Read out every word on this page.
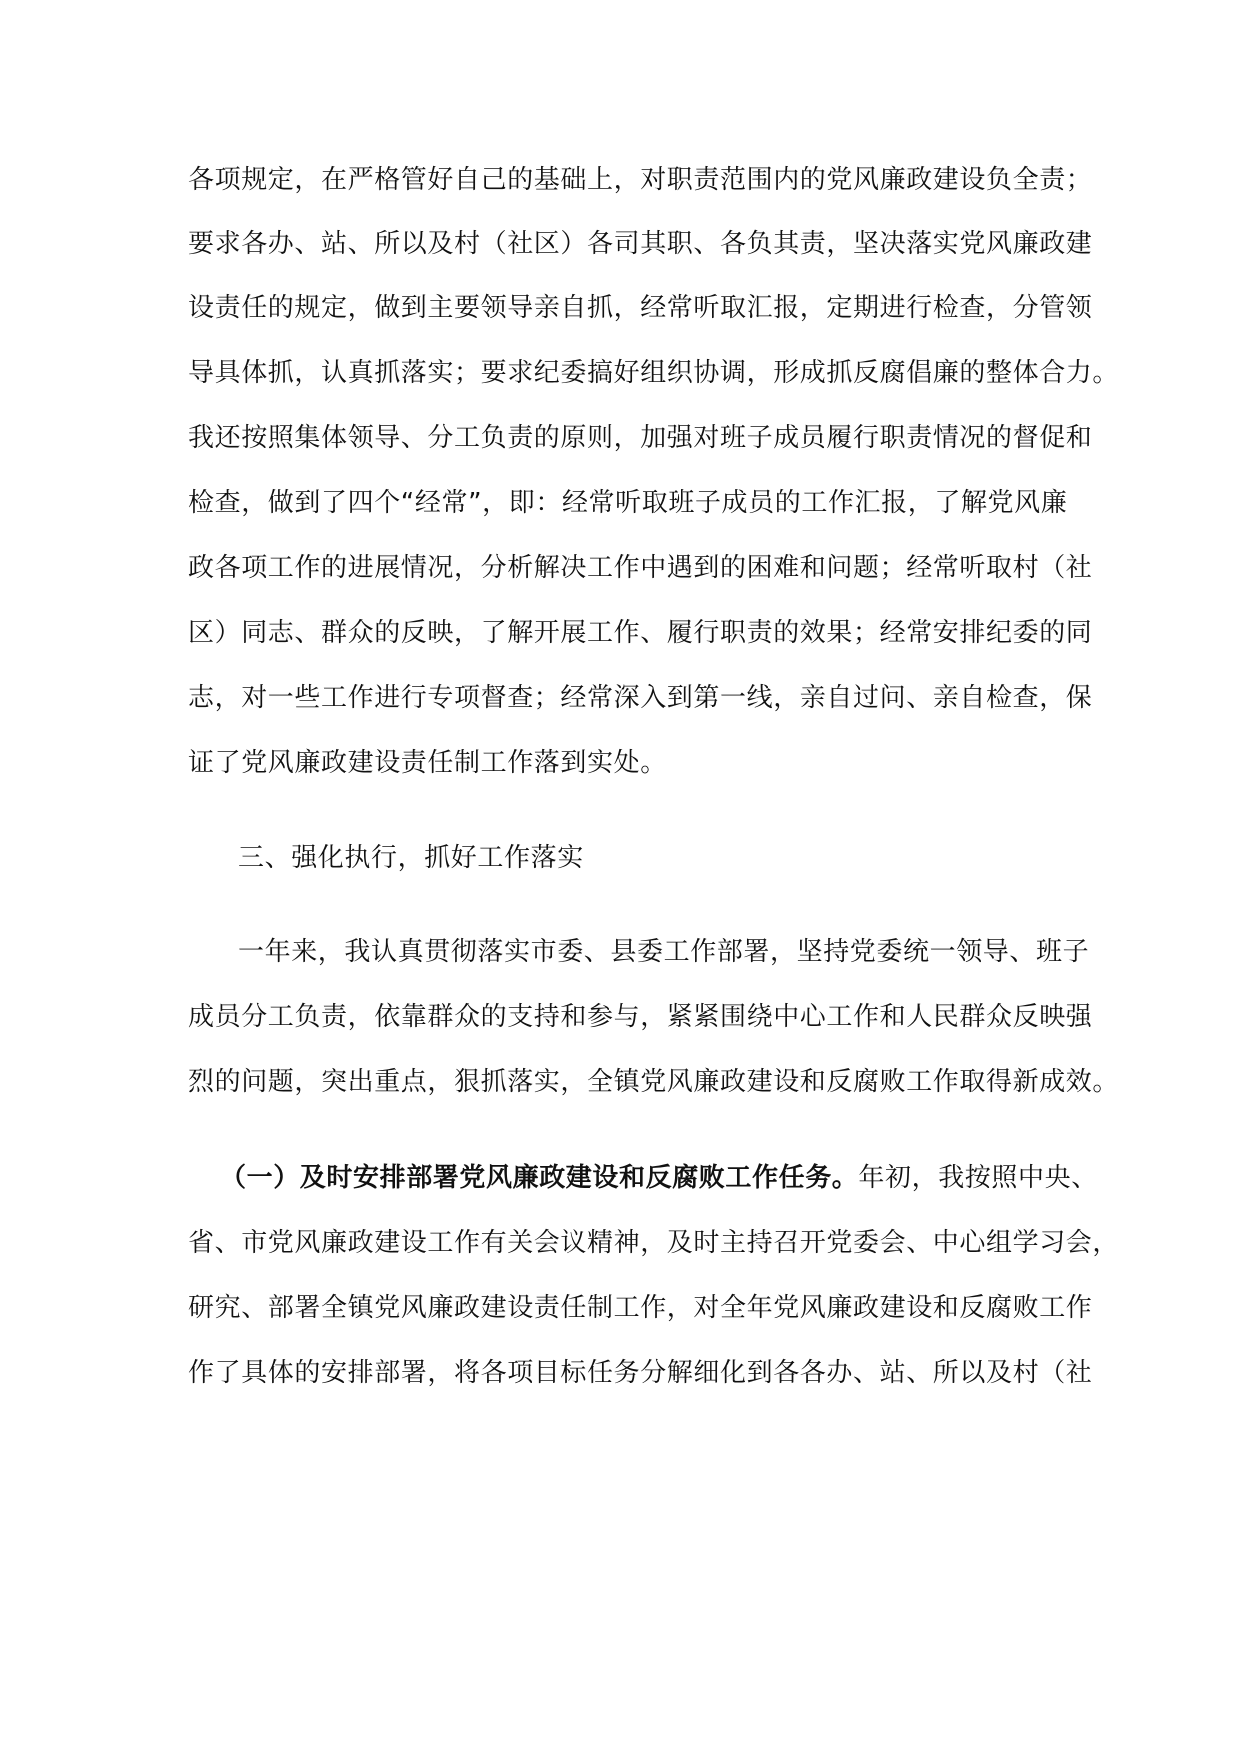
各项规定，在严格管好自己的基础上，对职责范围内的党风廉政建设负全责；
要求各办、站、所以及村（社区）各司其职、各负其责，坚决落实党风廉政建
设责任的规定，做到主要领导亲自抓，经常听取汇报，定期进行检查，分管领
导具体抓，认真抓落实；要求纪委搞好组织协调，形成抓反腐倡廉的整体合力。
我还按照集体领导、分工负责的原则，加强对班子成员履行职责情况的督促和
检查，做到了四个“经常”，即：经常听取班子成员的工作汇报，了解党风廉
政各项工作的进展情况，分析解决工作中遇到的困难和问题；经常听取村（社
区）同志、群众的反映，了解开展工作、履行职责的效果；经常安排纪委的同
志，对一些工作进行专项督查；经常深入到第一线，亲自过问、亲自检查，保
证了党风廉政建设责任制工作落到实处。
三、强化执行，抓好工作落实
一年来，我认真贯彻落实市委、县委工作部署，坚持党委统一领导、班子
成员分工负责，依靠群众的支持和参与，紧紧围绕中心工作和人民群众反映强
烈的问题，突出重点，狠抓落实，全镇党风廉政建设和反腐败工作取得新成效。
（一）及时安排部署党风廉政建设和反腐败工作任务。年初，我按照中央、
省、市党风廉政建设工作有关会议精神，及时主持召开党委会、中心组学习会，
研究、部署全镇党风廉政建设责任制工作，对全年党风廉政建设和反腐败工作
作了具体的安排部署，将各项目标任务分解细化到各各办、站、所以及村（社
